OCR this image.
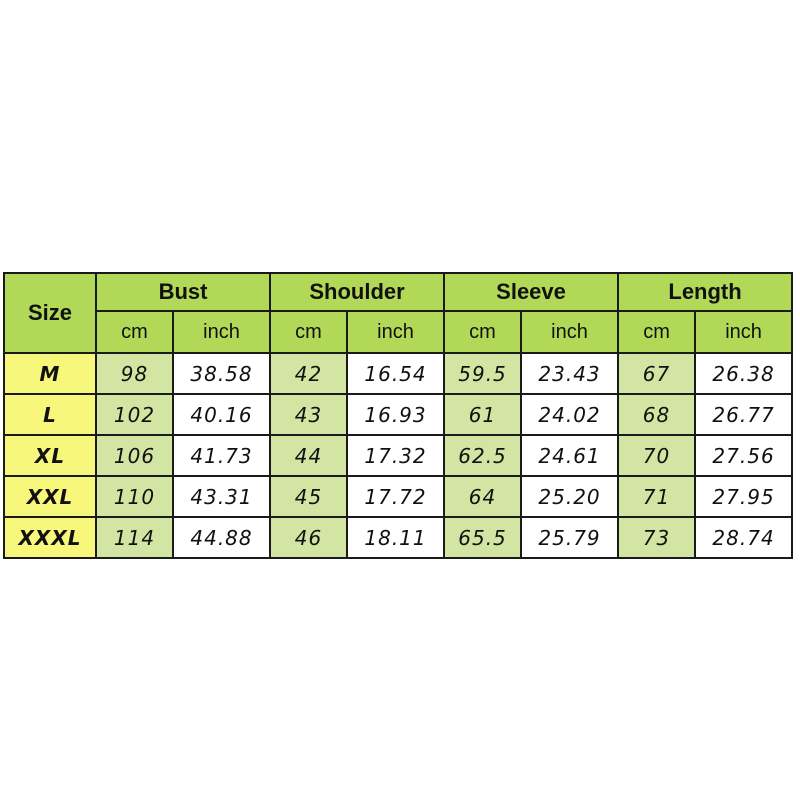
Size	Bust		Shoulder		Sleeve		Length	
	cm	inch	cm	inch	cm	inch	cm	inch
M	98	38.58	42	16.54	59.5	23.43	67	26.38
L	102	40.16	43	16.93	61	24.02	68	26.77
XL	106	41.73	44	17.32	62.5	24.61	70	27.56
XXL	110	43.31	45	17.72	64	25.20	71	27.95
XXXL	114	44.88	46	18.11	65.5	25.79	73	28.74
